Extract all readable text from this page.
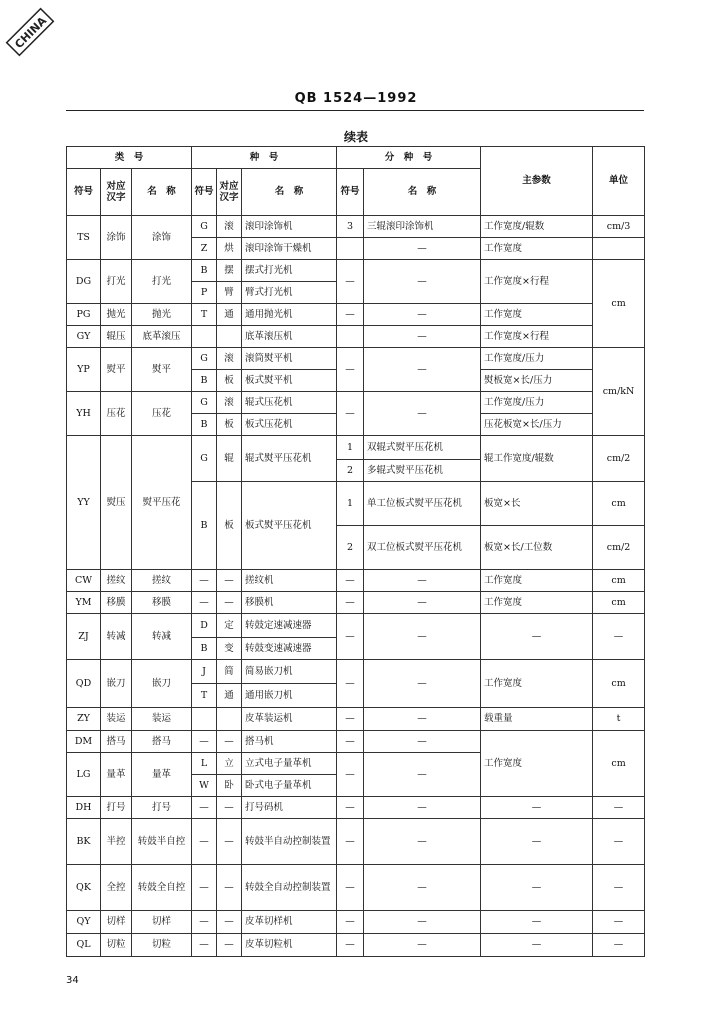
CHINA
QB 1524—1992
续表
类　号			种　号			分　种　号		主参数	单位
符号	对应汉字	名　称	符号	对应汉字	名　称	符号	名　称		
TS	涂饰	涂饰	G	滚	滚印涂饰机	3	三辊滚印涂饰机	工作宽度/辊数	cm/3
			Z	烘	滚印涂饰干燥机		—	工作宽度	
DG	打光	打光	B	摆	摆式打光机	—	—	工作宽度×行程	cm
			P	臂	臂式打光机				
PG	抛光	抛光	T	通	通用抛光机	—	—	工作宽度	
GY	辊压	底革滚压			底革滚压机		—	工作宽度×行程	
YP	熨平	熨平	G	滚	滚筒熨平机	—	—	工作宽度/压力	cm/kN
			B	板	板式熨平机			熨板宽×长/压力	
YH	压花	压花	G	滚	辊式压花机	—	—	工作宽度/压力	
			B	板	板式压花机			压花板宽×长/压力	
YY	熨压	熨平压花	G	辊	辊式熨平压花机	1	双辊式熨平压花机	辊工作宽度/辊数	cm/2
						2	多辊式熨平压花机		
			B	板	板式熨平压花机	1	单工位板式熨平压花机	板宽×长	cm
						2	双工位板式熨平压花机	板宽×长/工位数	cm/2
CW	搓纹	搓纹	—	—	搓纹机	—	—	工作宽度	cm
YM	移膜	移膜	—	—	移膜机	—	—	工作宽度	cm
ZJ	转减	转减	D	定	转鼓定速减速器	—	—	—	—
			B	变	转鼓变速减速器				
QD	嵌刀	嵌刀	J	简	简易嵌刀机	—	—	工作宽度	cm
			T	通	通用嵌刀机				
ZY	装运	装运			皮革装运机	—	—	载重量	t
DM	搭马	搭马	—	—	搭马机	—	—	工作宽度	cm
LG	量革	量革	L	立	立式电子量革机	—	—		
			W	卧	卧式电子量革机				
DH	打号	打号	—	—	打号码机	—	—	—	—
BK	半控	转鼓半自控	—	—	转鼓半自动控制装置	—	—	—	—
QK	全控	转鼓全自控	—	—	转鼓全自动控制装置	—	—	—	—
QY	切样	切样	—	—	皮革切样机	—	—	—	—
QL	切粒	切粒	—	—	皮革切粒机	—	—	—	—
34
